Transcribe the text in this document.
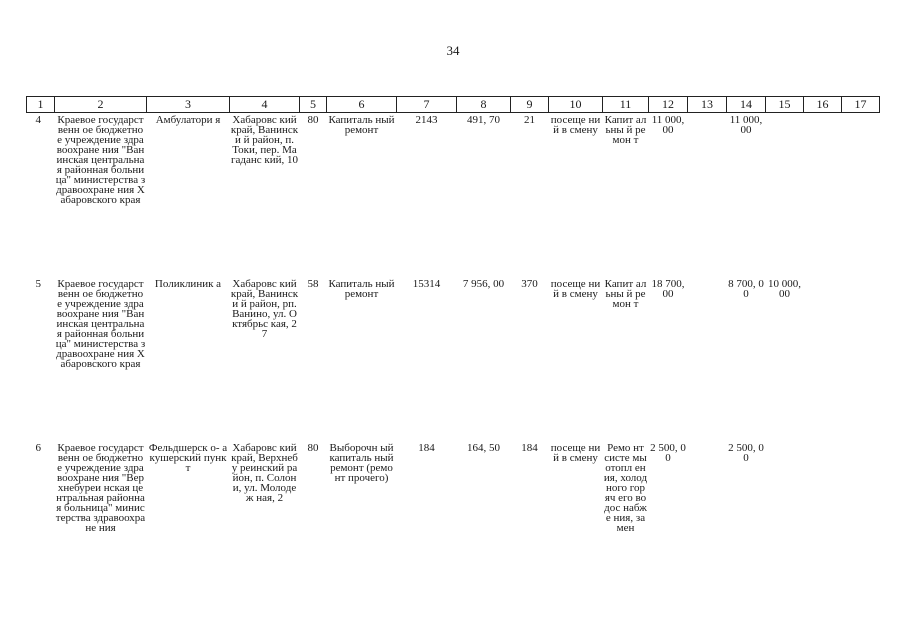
34
1	2	3	4	5	6	7	8	9	10	11	12	13	14	15	16	17
4	Краевое государственн ое бюджетное учреждение здравоохране ния "Ванинская центральная районная больница" министерства здравоохране ния Хабаровского края	Амбулатори я	Хабаровс кий край, Ванински й район, п. Токи, пер. Магаданс кий, 10	80	Капиталь ный ремонт	2143	491, 70	21	посеще ний в смену	Капит альны й ремон т	11 000, 00		11 000, 00			
5	Краевое государственн ое бюджетное учреждение здравоохране ния "Ванинская центральная районная больница" министерства здравоохране ния Хабаровского края	Поликлиник а	Хабаровс кий край, Ванински й район, рп. Ванино, ул. Октябрьс кая, 27	58	Капиталь ный ремонт	15314	7 956, 00	370	посеще ний в смену	Капит альны й ремон т	18 700, 00		8 700, 00	10 000, 00		
6	Краевое государственн ое бюджетное учреждение здравоохране ния "Верхнебуреи нская центральная районная больница" министерства здравоохране ния	Фельдшерск о- акушерский пункт	Хабаровс кий край, Верхнебу реинский район, п. Солони, ул. Молодеж ная, 2	80	Выборочн ый капиталь ный ремонт (ремонт прочего)	184	164, 50	184	посеще ний в смену	Ремо нт систе мы отопл ения, холод ного горяч его водос набже ния, замен	2 500, 00		2 500, 00			
